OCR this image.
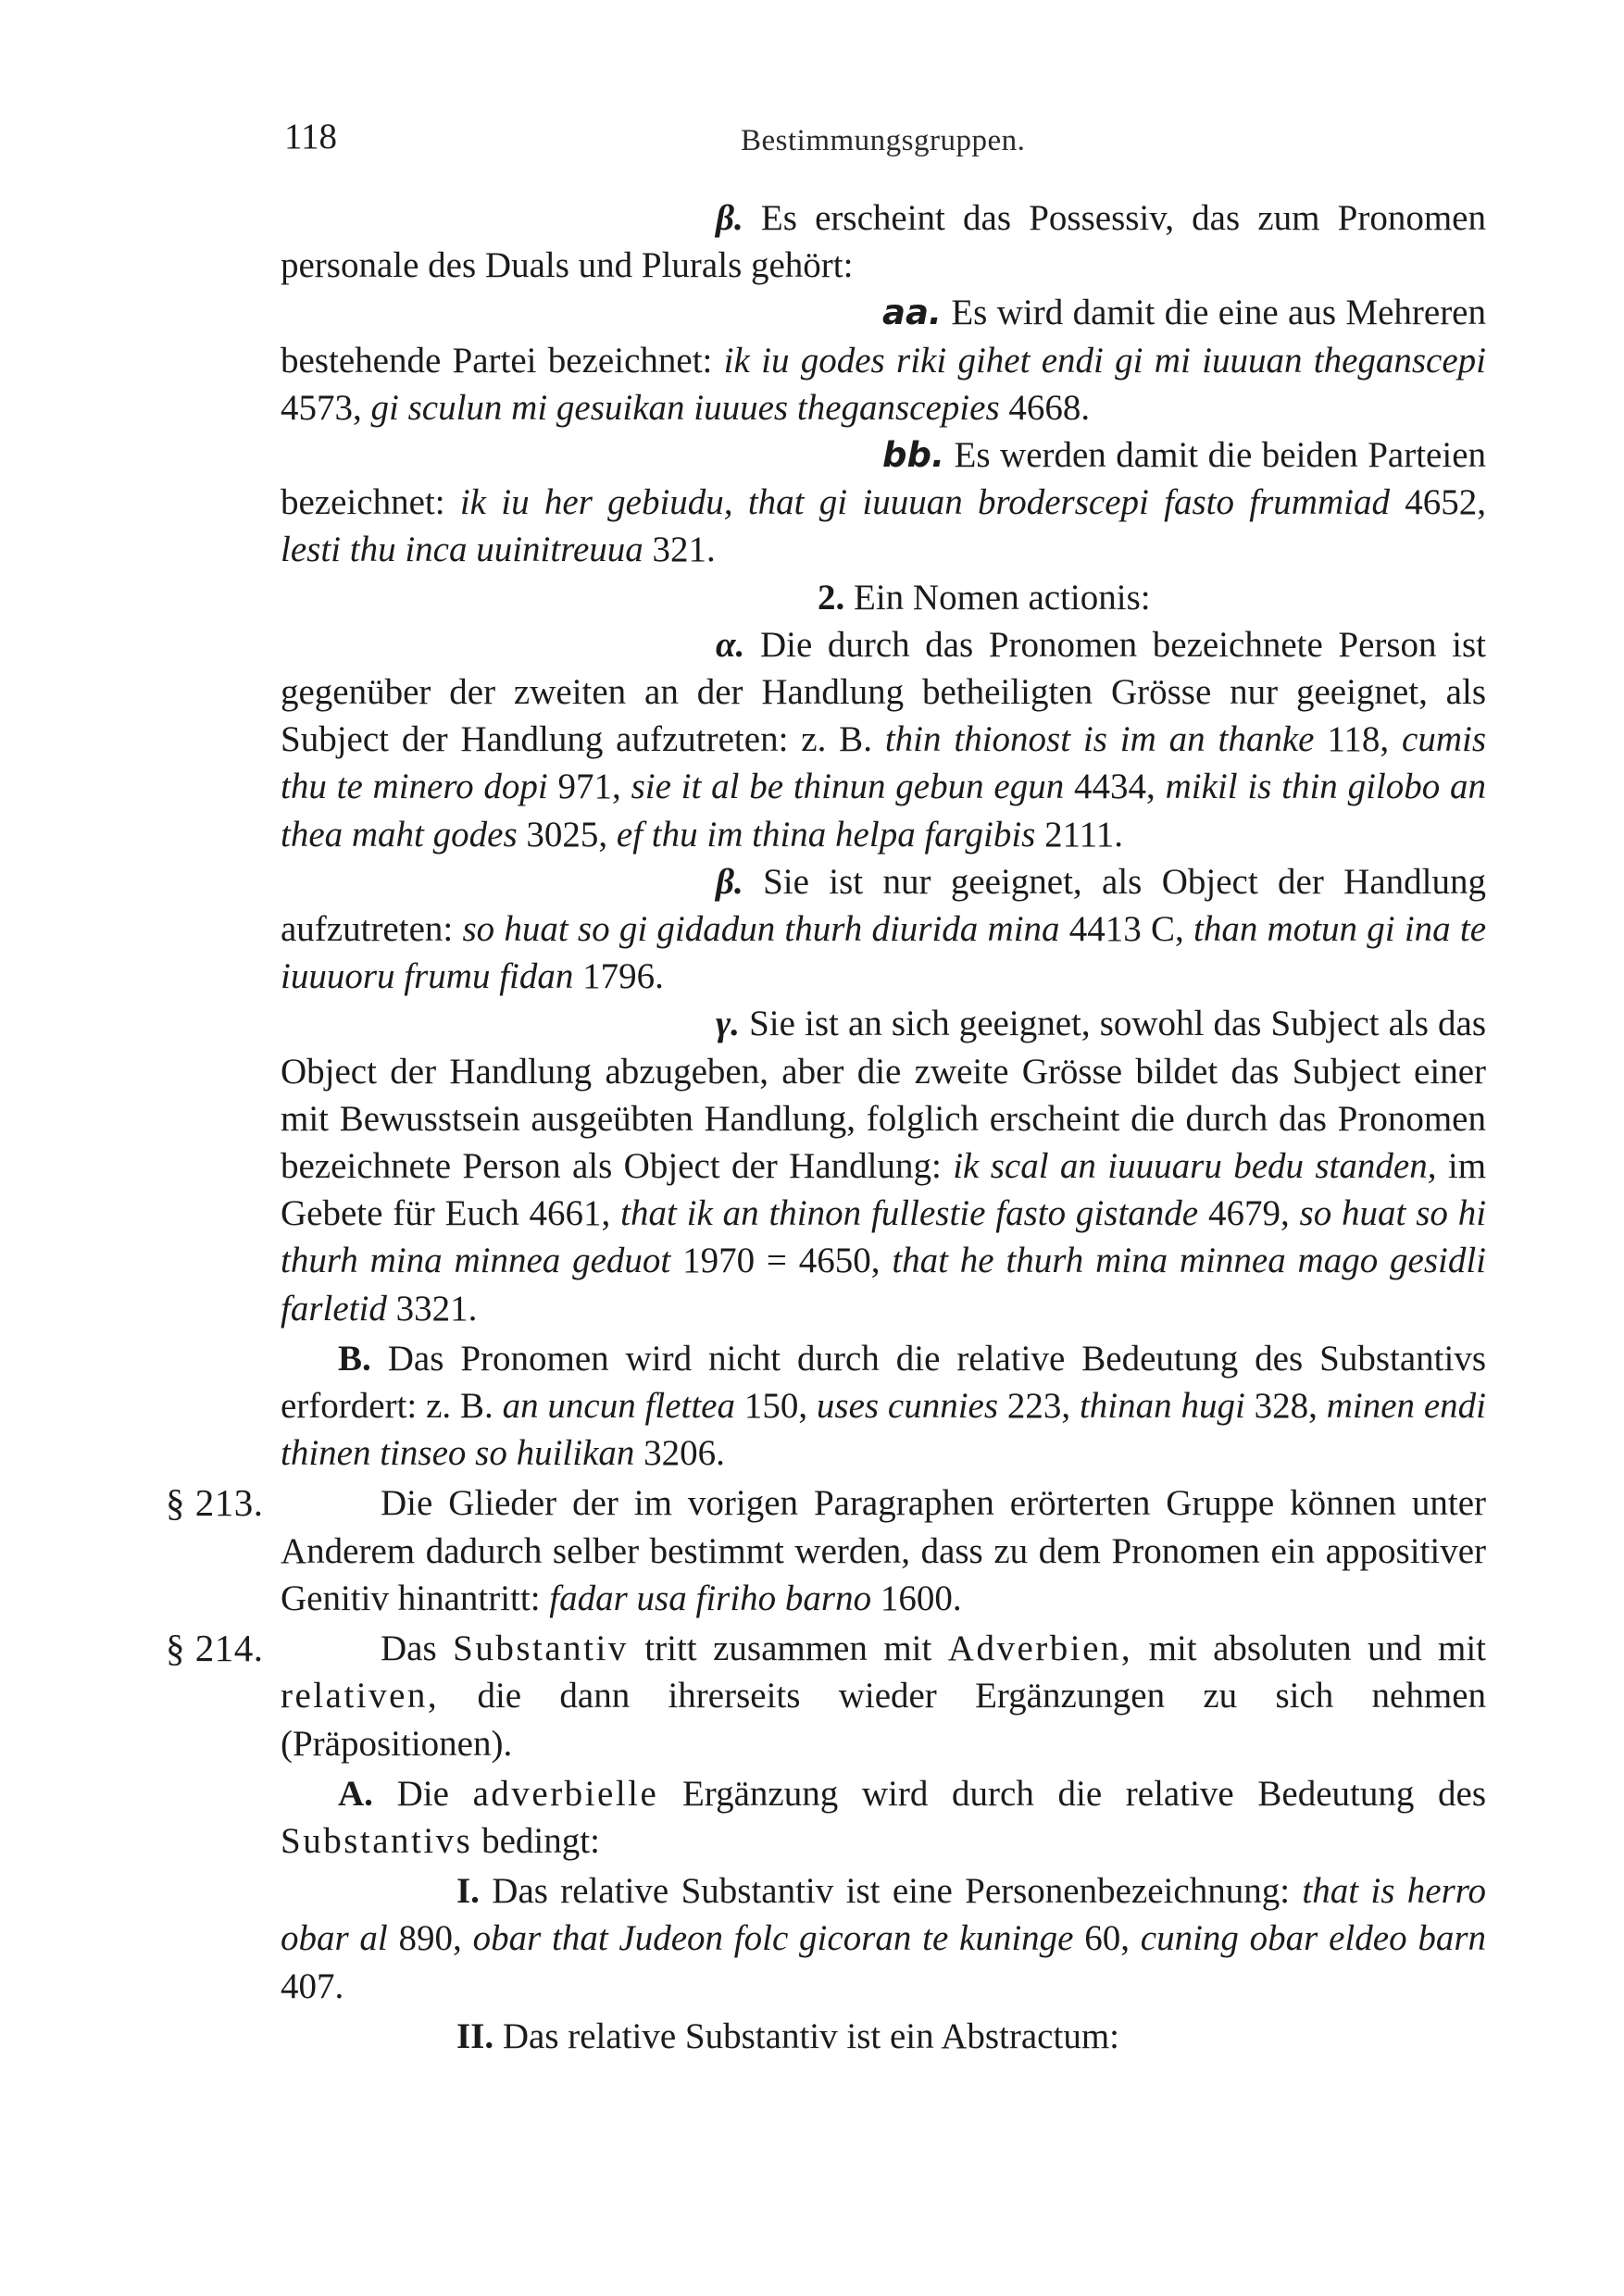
118	Bestimmungsgruppen.

β. Es erscheint das Possessiv, das zum Pronomen personale des Duals und Plurals gehört:

aa. Es wird damit die eine aus Mehreren bestehende Partei bezeichnet: ik iu godes riki gihet endi gi mi iuuuan theganscepi 4573, gi sculun mi gesuikan iuuues theganscepies 4668.

bb. Es werden damit die beiden Parteien bezeichnet: ik iu her gebiudu, that gi iuuuan broderscepi fasto frummiad 4652, lesti thu inca uuinitreuua 321.

2. Ein Nomen actionis:

α. Die durch das Pronomen bezeichnete Person ist gegenüber der zweiten an der Handlung betheiligten Grösse nur geeignet, als Subject der Handlung aufzutreten: z. B. thin thionost is im an thanke 118, cumis thu te minero dopi 971, sie it al be thinun gebun egun 4434, mikil is thin gilobo an thea maht godes 3025, ef thu im thina helpa fargibis 2111.

β. Sie ist nur geeignet, als Object der Handlung aufzutreten: so huat so gi gidadun thurh diurida mina 4413 C, than motun gi ina te iuuuoru frumu fidan 1796.

γ. Sie ist an sich geeignet, sowohl das Subject als das Object der Handlung abzugeben, aber die zweite Grösse bildet das Subject einer mit Bewusstsein ausgeübten Handlung, folglich erscheint die durch das Pronomen bezeichnete Person als Object der Handlung: ik scal an iuuuaru bedu standen, im Gebete für Euch 4661, that ik an thinon fullestie fasto gistande 4679, so huat so hi thurh mina minnea geduot 1970 = 4650, that he thurh mina minnea mago gesidli farletid 3321.

B. Das Pronomen wird nicht durch die relative Bedeutung des Substantivs erfordert: z. B. an uncun flettea 150, uses cunnies 223, thinan hugi 328, minen endi thinen tinseo so huilikan 3206.

§ 213.	Die Glieder der im vorigen Paragraphen erörterten Gruppe können unter Anderem dadurch selber bestimmt werden, dass zu dem Pronomen ein appositiver Genitiv hinantritt: fadar usa firiho barno 1600.

§ 214.	Das Substantiv tritt zusammen mit Adverbien, mit absoluten und mit relativen, die dann ihrerseits wieder Ergänzungen zu sich nehmen (Präpositionen).

A. Die adverbielle Ergänzung wird durch die relative Bedeutung des Substantivs bedingt:

I. Das relative Substantiv ist eine Personenbezeichnung: that is herro obar al 890, obar that Judeon folc gicoran te kuninge 60, cuning obar eldeo barn 407.

II. Das relative Substantiv ist ein Abstractum:
